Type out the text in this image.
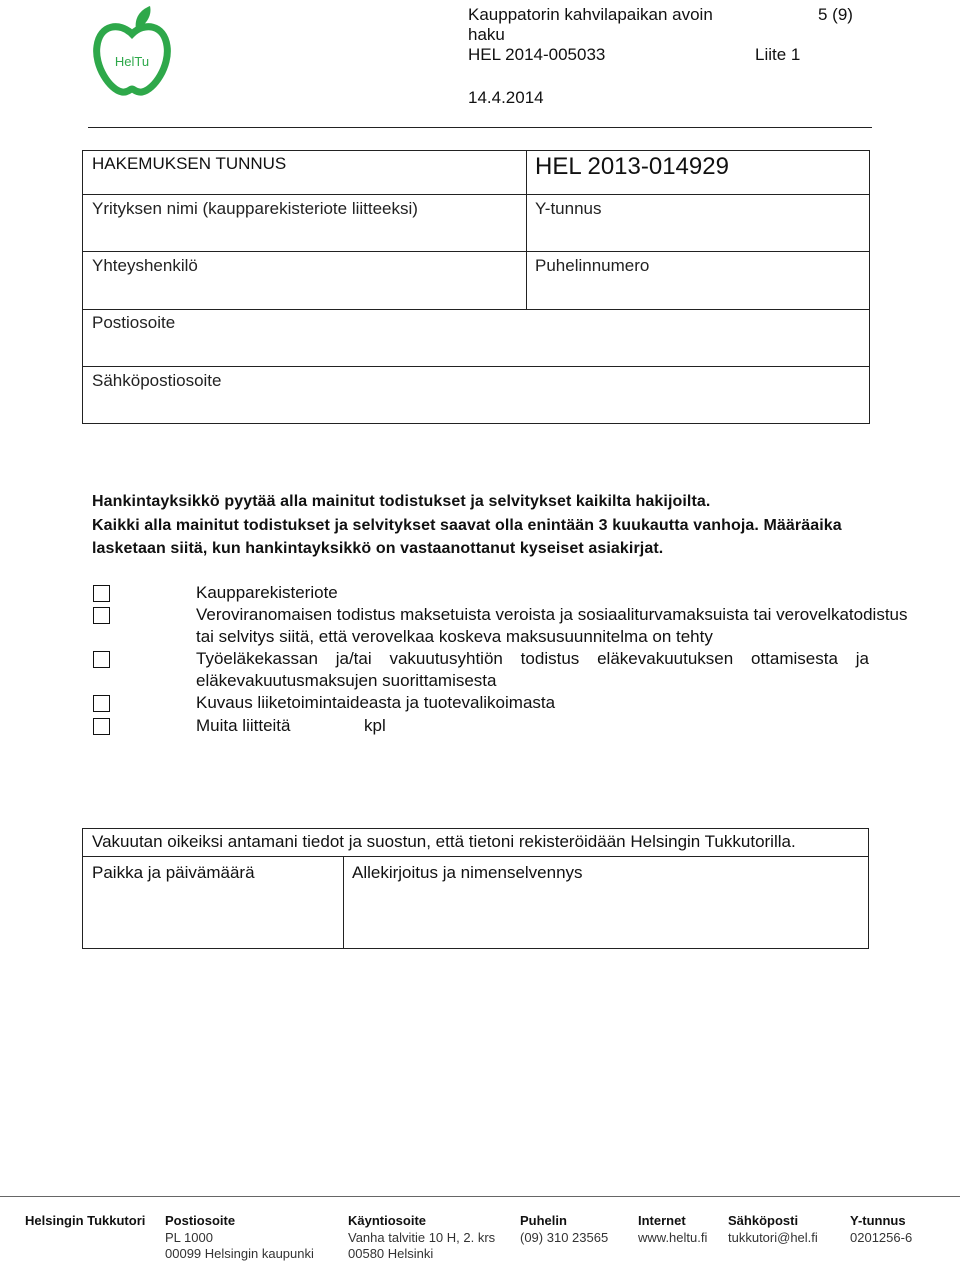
HelTu
Kauppatorin kahvilapaikan avoin
haku
HEL 2014-005033	Liite 1
5 (9)
14.4.2014
HAKEMUKSEN TUNNUS	HEL 2013-014929
Yrityksen nimi (kaupparekisteriote liitteeksi)	Y-tunnus
Yhteyshenkilö	Puhelinnumero
Postiosoite
Sähköpostiosoite
Hankintayksikkö pyytää alla mainitut todistukset ja selvitykset kaikilta hakijoilta.
Kaikki alla mainitut todistukset ja selvitykset saavat olla enintään 3 kuukautta vanhoja. Määräaika
lasketaan siitä, kun hankintayksikkö on vastaanottanut kyseiset asiakirjat.
Kaupparekisteriote
Veroviranomaisen todistus maksetuista veroista ja sosiaaliturvamaksuista tai verovelkatodistus
tai selvitys siitä, että verovelkaa koskeva maksusuunnitelma on tehty
Työeläkekassan ja/tai vakuutusyhtiön todistus eläkevakuutuksen ottamisesta ja
eläkevakuutusmaksujen suorittamisesta
Kuvaus liiketoimintaideasta ja tuotevalikoimasta
Muita liitteitä	kpl
Vakuutan oikeiksi antamani tiedot ja suostun, että tietoni rekisteröidään Helsingin Tukkutorilla.
Paikka ja päivämäärä	Allekirjoitus ja nimenselvennys
Helsingin Tukkutori Postiosoite
PL 1000
00099 Helsingin kaupunki
Käyntiosoite
Vanha talvitie 10 H, 2. krs
00580 Helsinki
Puhelin
(09) 310 23565
Internet
www.heltu.fi
Sähköposti
tukkutori@hel.fi
Y-tunnus
0201256-6
